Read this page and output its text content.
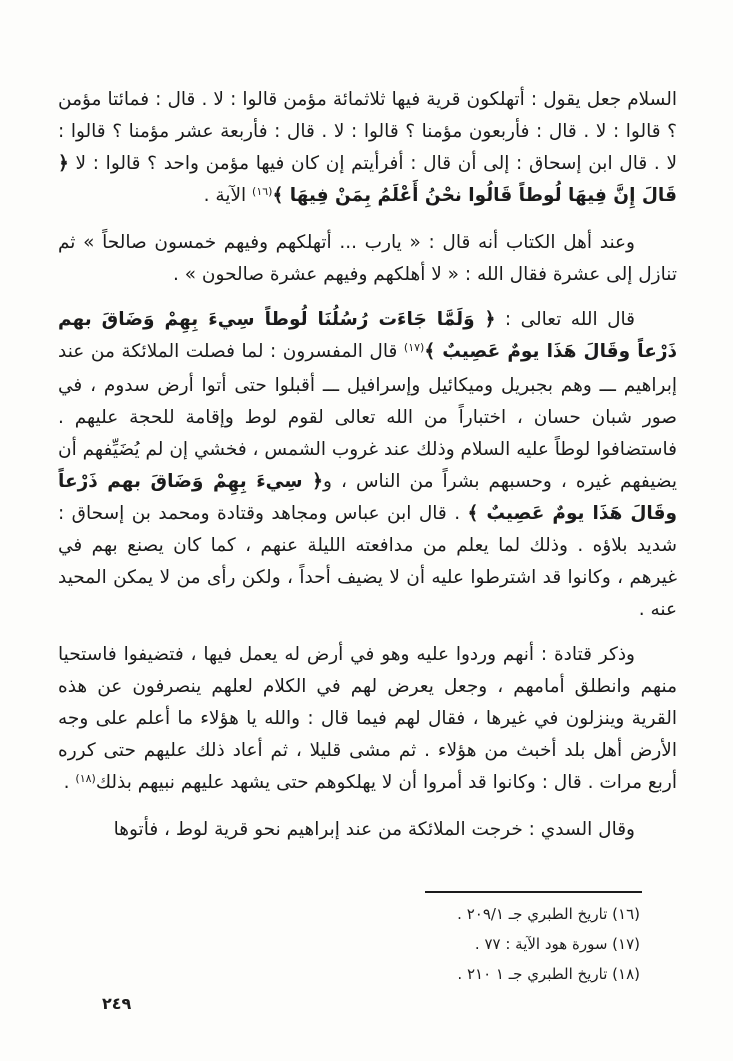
السلام جعل يقول : أتهلكون قرية فيها ثلاثمائة مؤمن قالوا : لا . قال : فمائتا مؤمن ؟ قالوا : لا . قال : فأربعون مؤمنا ؟ قالوا : لا . قال : فأربعة عشر مؤمنا ؟ قالوا : لا . قال ابن إسحاق : إلى أن قال : أفرأيتم إن كان فيها مؤمن واحد ؟ قالوا : لا ﴿ قَالَ إِنَّ فِيهَا لُوطاً قَالُوا نحْنُ أَعْلَمُ بِمَنْ فِيهَا ﴾$^{(١٦)}$ الآية .

وعند أهل الكتاب أنه قال : « يارب ... أتهلكهم وفيهم خمسون صالحاً » ثم تنازل إلى عشرة فقال الله : « لا أهلكهم وفيهم عشرة صالحون » .

قال الله تعالى : ﴿ وَلَمَّا جَاءَت رُسُلُنَا لُوطاً سِيءَ بِهِمْ وَضَاقَ بهم ذَرْعاً وقَالَ هَذَا يومٌ عَصِيبٌ ﴾$^{(١٧)}$ قال المفسرون : لما فصلت الملائكة من عند إبراهيم ـــ وهم بجبريل وميكائيل وإسرافيل ـــ أقبلوا حتى أتوا أرض سدوم ، في صور شبان حسان ، اختباراً من الله تعالى لقوم لوط وإقامة للحجة عليهم . فاستضافوا لوطاً عليه السلام وذلك عند غروب الشمس ، فخشي إن لم يُضَيِّفهم أن يضيفهم غيره ، وحسبهم بشراً من الناس ، و﴿ سِيءَ بِهِمْ وَضَاقَ بهم ذَرْعاً وقَالَ هَذَا يومٌ عَصِيبٌ ﴾ . قال ابن عباس ومجاهد وقتادة ومحمد بن إسحاق : شديد بلاؤه . وذلك لما يعلم من مدافعته الليلة عنهم ، كما كان يصنع بهم في غيرهم ، وكانوا قد اشترطوا عليه أن لا يضيف أحداً ، ولكن رأى من لا يمكن المحيد عنه .

وذكر قتادة : أنهم وردوا عليه وهو في أرض له يعمل فيها ، فتضيفوا فاستحيا منهم وانطلق أمامهم ، وجعل يعرض لهم في الكلام لعلهم ينصرفون عن هذه القرية وينزلون في غيرها ، فقال لهم فيما قال : والله يا هؤلاء ما أعلم على وجه الأرض أهل بلد أخبث من هؤلاء . ثم مشى قليلا ، ثم أعاد ذلك عليهم حتى كرره أربع مرات . قال : وكانوا قد أمروا أن لا يهلكوهم حتى يشهد عليهم نبيهم بذلك$^{(١٨)}$ .

وقال السدي : خرجت الملائكة من عند إبراهيم نحو قرية لوط ، فأتوها

(١٦) تاريخ الطبري جـ ٢٠٩/١ .
(١٧) سورة هود الآية : ٧٧ .
(١٨) تاريخ الطبري جـ ١ ٢١٠ .
٢٤٩
